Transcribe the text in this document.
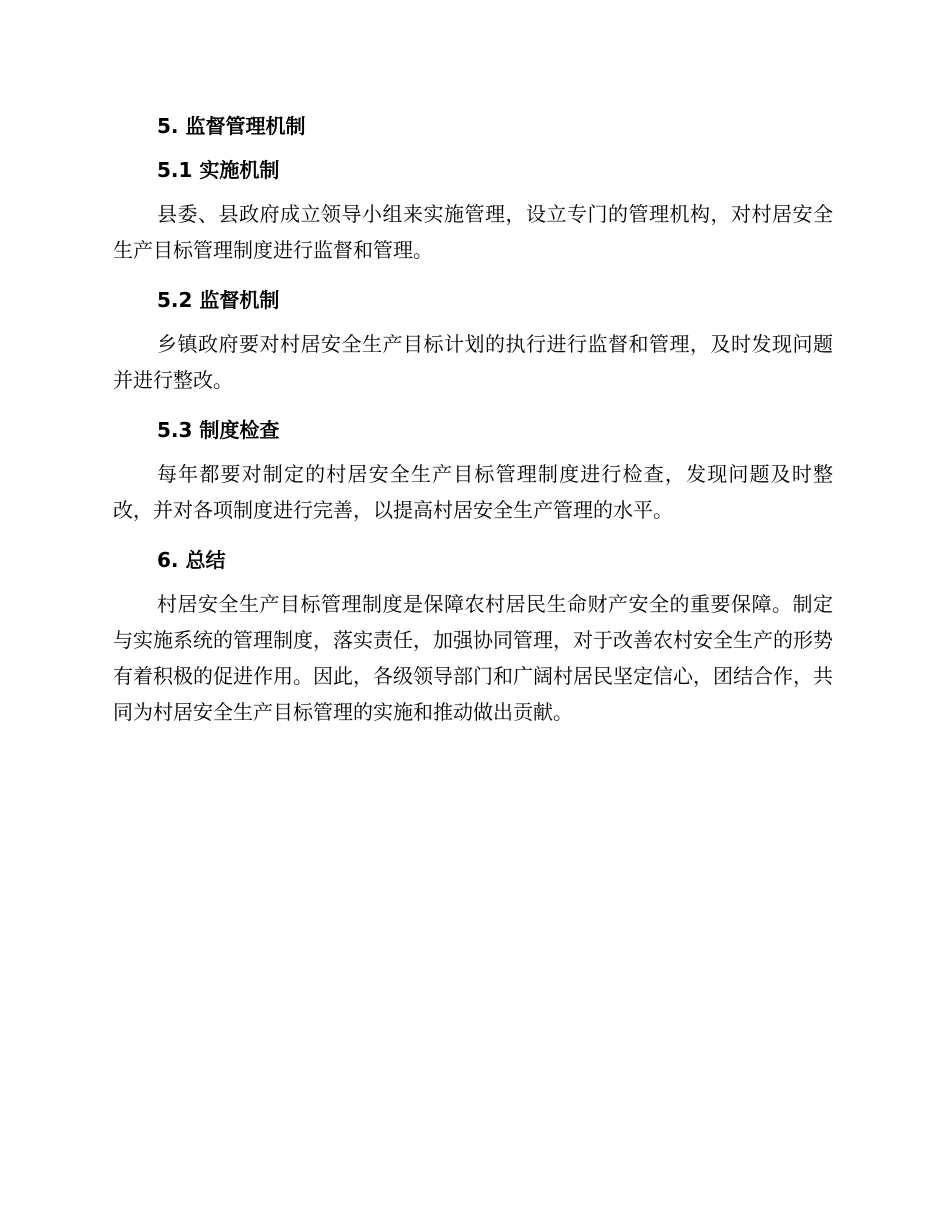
5. 监督管理机制
5.1 实施机制
县委、县政府成立领导小组来实施管理，设立专门的管理机构，对村居安全生产目标管理制度进行监督和管理。
5.2 监督机制
乡镇政府要对村居安全生产目标计划的执行进行监督和管理，及时发现问题并进行整改。
5.3 制度检查
每年都要对制定的村居安全生产目标管理制度进行检查，发现问题及时整改，并对各项制度进行完善，以提高村居安全生产管理的水平。
6. 总结
村居安全生产目标管理制度是保障农村居民生命财产安全的重要保障。制定与实施系统的管理制度，落实责任，加强协同管理，对于改善农村安全生产的形势有着积极的促进作用。因此，各级领导部门和广阔村居民坚定信心，团结合作，共同为村居安全生产目标管理的实施和推动做出贡献。
